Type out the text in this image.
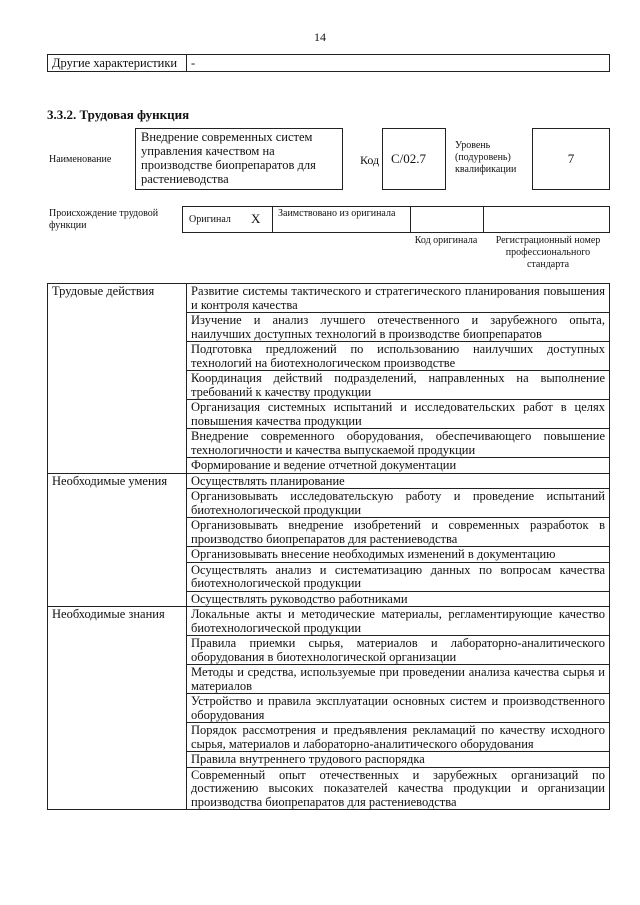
14
Другие характеристики	-
3.3.2. Трудовая функция
Наименование
Внедрение современных систем управления качеством на производстве биопрепаратов для растениеводства
Код C/02.7
Уровень (подуровень) квалификации
7
Происхождение трудовой функции
Оригинал X Заимствовано из оригинала
Код оригинала	Регистрационный номер профессионального стандарта
Трудовые действия	Развитие системы тактического и стратегического планирования повышения и контроля качества
	Изучение и анализ лучшего отечественного и зарубежного опыта, наилучших доступных технологий в производстве биопрепаратов
	Подготовка предложений по использованию наилучших доступных технологий на биотехнологическом производстве
	Координация действий подразделений, направленных на выполнение требований к качеству продукции
	Организация системных испытаний и исследовательских работ в целях повышения качества продукции
	Внедрение современного оборудования, обеспечивающего повышение технологичности и качества выпускаемой продукции
	Формирование и ведение отчетной документации
Необходимые умения	Осуществлять планирование
	Организовывать исследовательскую работу и проведение испытаний биотехнологической продукции
	Организовывать внедрение изобретений и современных разработок в производство биопрепаратов для растениеводства
	Организовывать внесение необходимых изменений в документацию
	Осуществлять анализ и систематизацию данных по вопросам качества биотехнологической продукции
	Осуществлять руководство работниками
Необходимые знания	Локальные акты и методические материалы, регламентирующие качество биотехнологической продукции
	Правила приемки сырья, материалов и лабораторно-аналитического оборудования в биотехнологической организации
	Методы и средства, используемые при проведении анализа качества сырья и материалов
	Устройство и правила эксплуатации основных систем и производственного оборудования
	Порядок рассмотрения и предъявления рекламаций по качеству исходного сырья, материалов и лабораторно-аналитического оборудования
	Правила внутреннего трудового распорядка
	Современный опыт отечественных и зарубежных организаций по достижению высоких показателей качества продукции и организации производства биопрепаратов для растениеводства
